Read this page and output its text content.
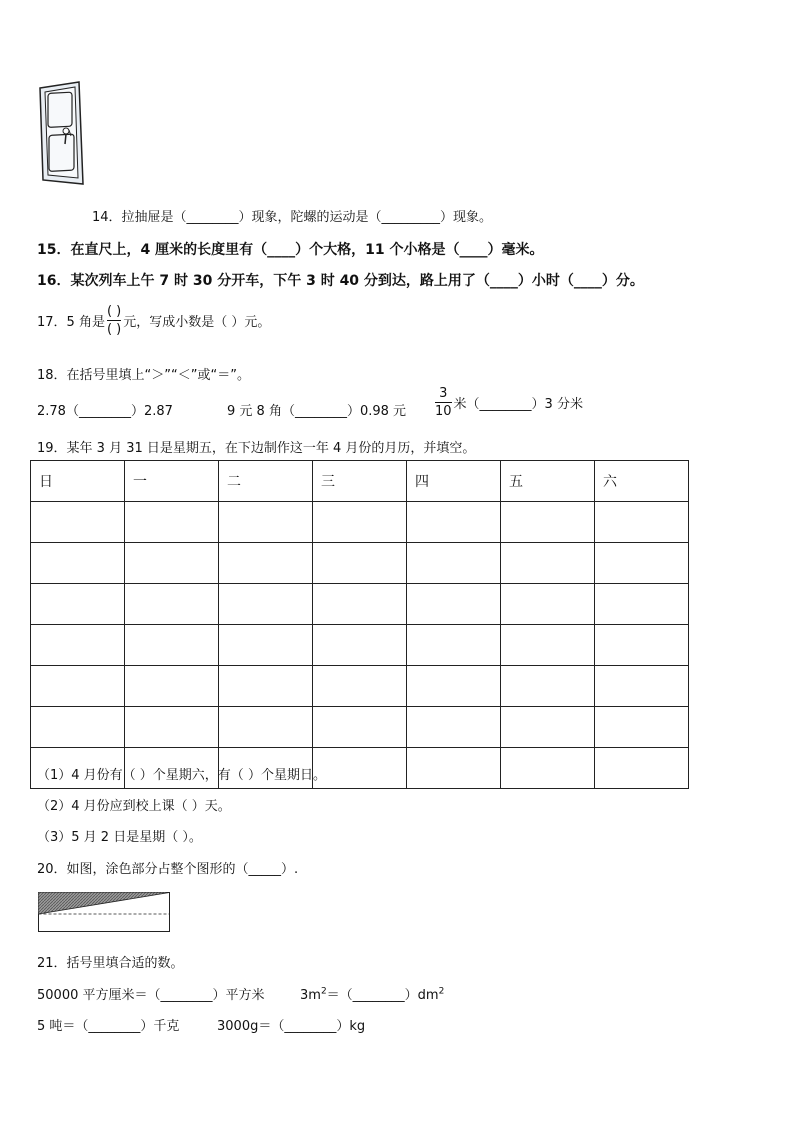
14．拉抽屉是（________）现象，陀螺的运动是（_________）现象。
15．在直尺上，4 厘米的长度里有（____）个大格，11 个小格是（____）毫米。
16．某次列车上午 7 时 30 分开车，下午 3 时 40 分到达，路上用了（____）小时（____）分。
17．5 角是 $\frac{( )}{( )}$ 元，写成小数是（ ）元。
18．在括号里填上“＞”“＜”或“＝”。
2.78（________）2.87	9 元 8 角（________）0.98 元 $\frac{3}{10}$ 米（________）3 分米
19．某年 3 月 31 日是星期五，在下边制作这一年 4 月份的月历，并填空。
日	一	二	三	四	五	六

（1）4 月份有（ ）个星期六，有（ ）个星期日。
（2）4 月份应到校上课（ ）天。
（3）5 月 2 日是星期（ ）。
20．如图，涂色部分占整个图形的（_____）.
21．括号里填合适的数。
50000 平方厘米＝（________）平方米	$3m^2=(\_\_\_\_\_\_\_\_)dm^2$
5 吨＝（________）千克	3000g＝（________）kg
